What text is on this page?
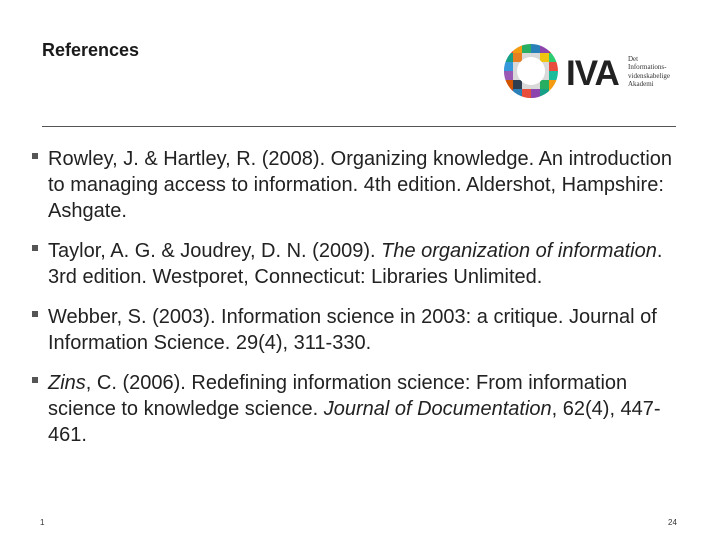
References
IVA Det
Informations-
videnskabelige
Akademi
Rowley, J. & Hartley, R. (2008). Organizing knowledge. An introduction to managing access to information. 4th edition. Aldershot, Hampshire: Ashgate.
Taylor, A. G. & Joudrey, D. N. (2009). The organization of information. 3rd edition. Westporet, Connecticut: Libraries Unlimited.
Webber, S. (2003). Information science in 2003: a critique. Journal of Information Science. 29(4), 311-330.
Zins, C. (2006). Redefining information science: From information science to knowledge science. Journal of Documentation, 62(4), 447-461.
1	24
